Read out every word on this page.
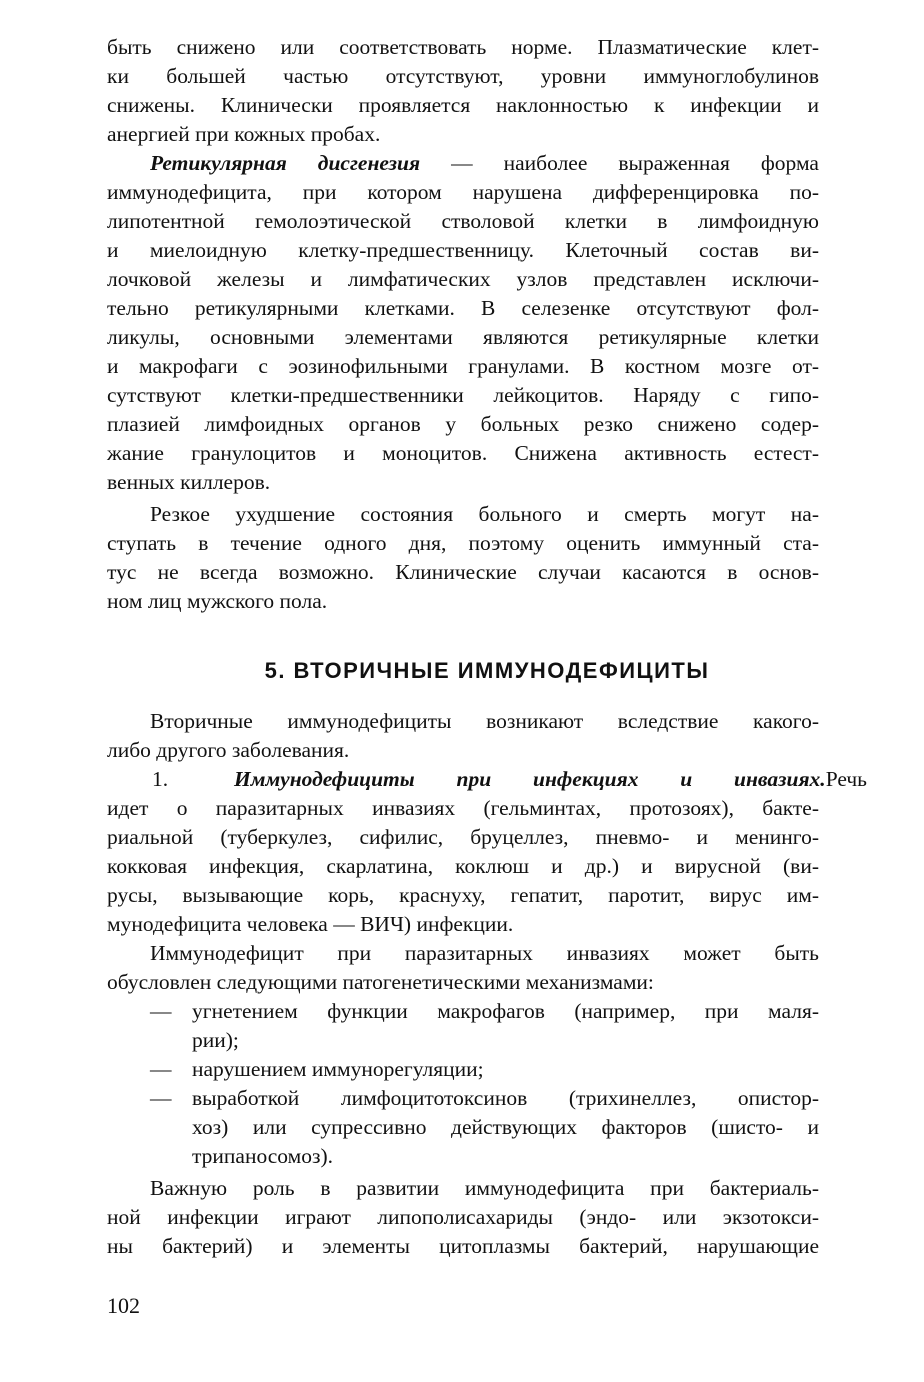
быть снижено или соответствовать норме. Плазматические клет-
ки большей частью отсутствуют, уровни иммуноглобулинов
снижены. Клинически проявляется наклонностью к инфекции и
анергией при кожных пробах.
Ретикулярная дисгенезия — наиболее выраженная форма
иммунодефицита, при котором нарушена дифференцировка по-
липотентной гемолоэтической стволовой клетки в лимфоидную
и миелоидную клетку-предшественницу. Клеточный состав ви-
лочковой железы и лимфатических узлов представлен исключи-
тельно ретикулярными клетками. В селезенке отсутствуют фол-
ликулы, основными элементами являются ретикулярные клетки
и макрофаги с эозинофильными гранулами. В костном мозге от-
сутствуют клетки-предшественники лейкоцитов. Наряду с гипо-
плазией лимфоидных органов у больных резко снижено содер-
жание гранулоцитов и моноцитов. Снижена активность естест-
венных киллеров.
Резкое ухудшение состояния больного и смерть могут на-
ступать в течение одного дня, поэтому оценить иммунный ста-
тус не всегда возможно. Клинические случаи касаются в основ-
ном лиц мужского пола.
5. ВТОРИЧНЫЕ ИММУНОДЕФИЦИТЫ
Вторичные иммунодефициты возникают вследствие какого-
либо другого заболевания.
1.	Иммунодефициты при инфекциях и инвазиях.Речь
идет о паразитарных инвазиях (гельминтах, протозоях), бакте-
риальной (туберкулез, сифилис, бруцеллез, пневмо- и менинго-
кокковая инфекция, скарлатина, коклюш и др.) и вирусной (ви-
русы, вызывающие корь, краснуху, гепатит, паротит, вирус им-
мунодефицита человека — ВИЧ) инфекции.
Иммунодефицит при паразитарных инвазиях может быть
обусловлен следующими патогенетическими механизмами:
— угнетением функции макрофагов (например, при маля-
рии);
— нарушением иммунорегуляции;
— выработкой лимфоцитотоксинов (трихинеллез, опистор-
хоз) или супрессивно действующих факторов (шисто- и
трипаносомоз).
Важную роль в развитии иммунодефицита при бактериаль-
ной инфекции играют липополисахариды (эндо- или экзотокси-
ны бактерий) и элементы цитоплазмы бактерий, нарушающие
102
